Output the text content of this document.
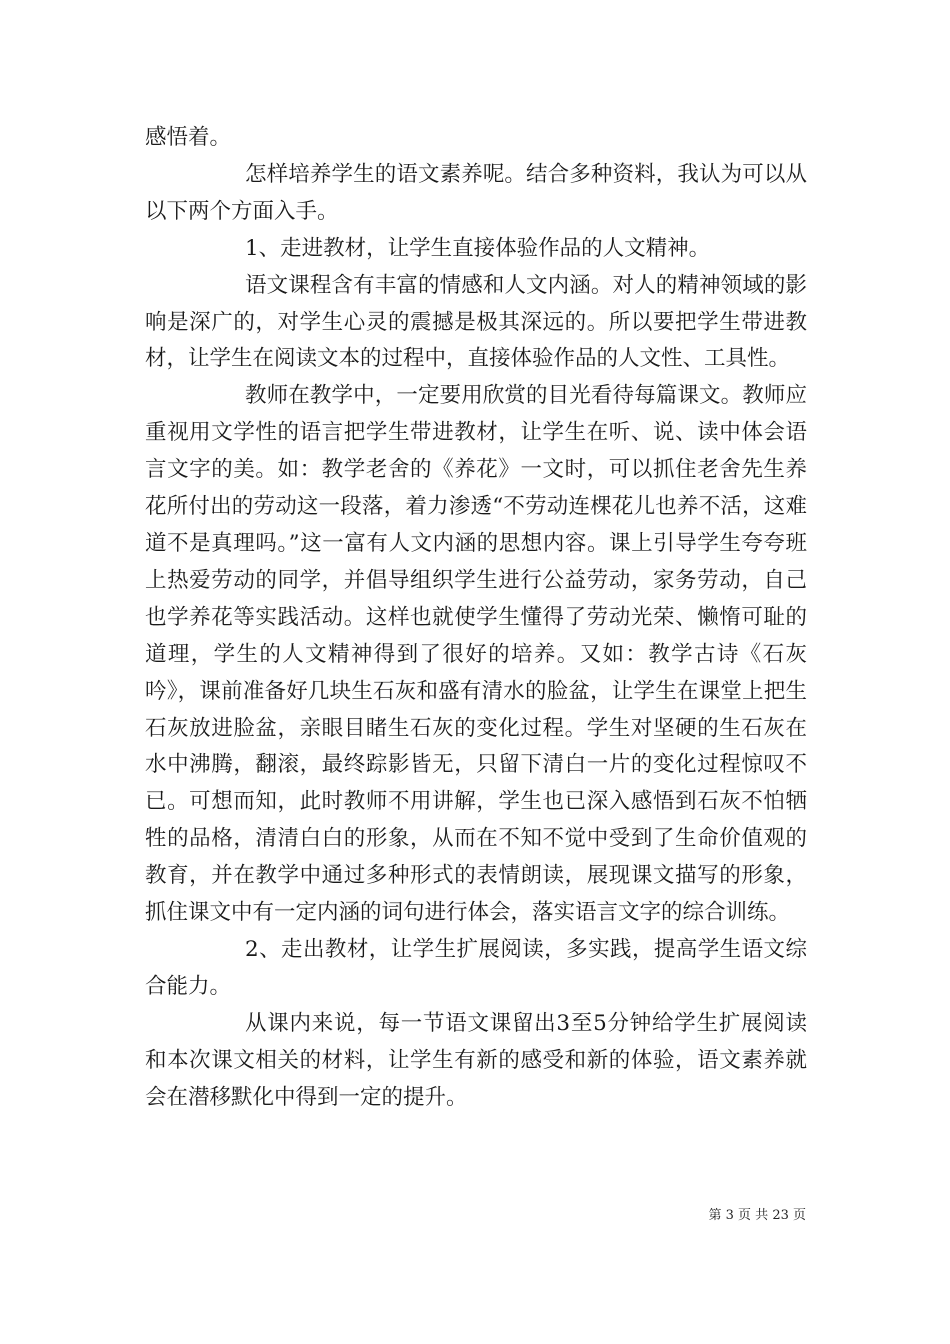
感悟着。

怎样培养学生的语文素养呢。结合多种资料，我认为可以从以下两个方面入手。

1、走进教材，让学生直接体验作品的人文精神。

语文课程含有丰富的情感和人文内涵。对人的精神领域的影响是深广的，对学生心灵的震撼是极其深远的。所以要把学生带进教材，让学生在阅读文本的过程中，直接体验作品的人文性、工具性。

教师在教学中，一定要用欣赏的目光看待每篇课文。教师应重视用文学性的语言把学生带进教材，让学生在听、说、读中体会语言文字的美。如：教学老舍的《养花》一文时，可以抓住老舍先生养花所付出的劳动这一段落，着力渗透“不劳动连棵花儿也养不活，这难道不是真理吗。”这一富有人文内涵的思想内容。课上引导学生夸夸班上热爱劳动的同学，并倡导组织学生进行公益劳动，家务劳动，自己也学养花等实践活动。这样也就使学生懂得了劳动光荣、懒惰可耻的道理，学生的人文精神得到了很好的培养。又如：教学古诗《石灰吟》，课前准备好几块生石灰和盛有清水的脸盆，让学生在课堂上把生石灰放进脸盆，亲眼目睹生石灰的变化过程。学生对坚硬的生石灰在水中沸腾，翻滚，最终踪影皆无，只留下清白一片的变化过程惊叹不已。可想而知，此时教师不用讲解，学生也已深入感悟到石灰不怕牺牲的品格，清清白白的形象，从而在不知不觉中受到了生命价值观的教育，并在教学中通过多种形式的表情朗读，展现课文描写的形象，抓住课文中有一定内涵的词句进行体会，落实语言文字的综合训练。

2、走出教材，让学生扩展阅读，多实践，提高学生语文综合能力。

从课内来说，每一节语文课留出3至5分钟给学生扩展阅读和本次课文相关的材料，让学生有新的感受和新的体验，语文素养就会在潜移默化中得到一定的提升。

第 3 页 共 23 页
